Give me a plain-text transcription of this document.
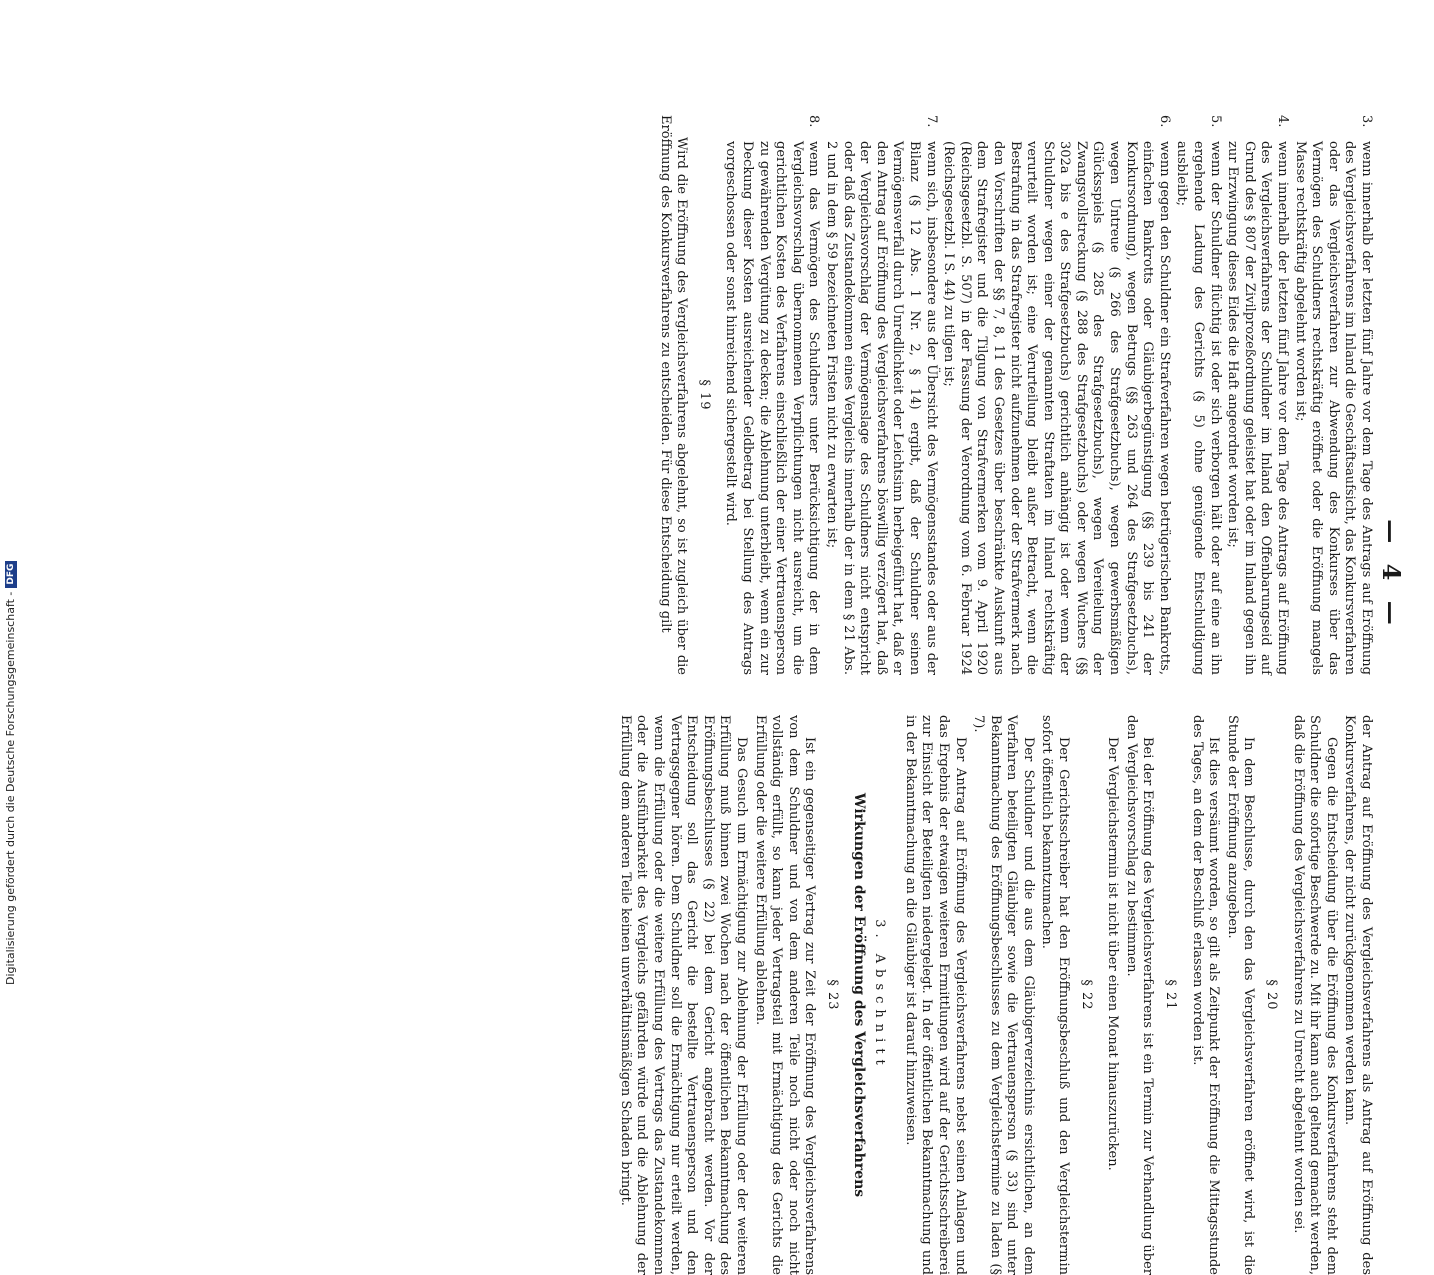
— 4 —
3.
wenn innerhalb der letzten fünf Jahre vor dem Tage des Antrags auf Eröffnung des Vergleichsverfahrens im Inland die Geschäftsaufsicht, das Konkursverfahren oder das Vergleichsverfahren zur Abwendung des Konkurses über das Vermögen des Schuldners rechtskräftig eröffnet oder die Eröffnung mangels Masse rechtskräftig abgelehnt worden ist;
4.
wenn innerhalb der letzten fünf Jahre vor dem Tage des Antrags auf Eröffnung des Vergleichsverfahrens der Schuldner im Inland den Offenbarungseid auf Grund des § 807 der Zivilprozeßordnung geleistet hat oder im Inland gegen ihn zur Erzwingung dieses Eides die Haft angeordnet worden ist;
5.
wenn der Schuldner flüchtig ist oder sich verborgen hält oder auf eine an ihn ergehende Ladung des Gerichts (§ 5) ohne genügende Entschuldigung ausbleibt;
6.
wenn gegen den Schuldner ein Strafverfahren wegen betrügerischen Bankrotts, einfachen Bankrotts oder Gläubigerbegünstigung (§§ 239 bis 241 der Konkursordnung), wegen Betrugs (§§ 263 und 264 des Strafgesetzbuchs), wegen Untreue (§ 266 des Strafgesetzbuchs), wegen gewerbsmäßigen Glücksspiels (§ 285 des Strafgesetzbuchs), wegen Vereitelung der Zwangsvollstreckung (§ 288 des Strafgesetzbuchs) oder wegen Wuchers (§§ 302a bis e des Strafgesetzbuchs) gerichtlich anhängig ist oder wenn der Schuldner wegen einer der genannten Straftaten im Inland rechtskräftig verurteilt worden ist; eine Verurteilung bleibt außer Betracht, wenn die Bestrafung in das Strafregister nicht aufzunehmen oder der Strafvermerk nach den Vorschriften der §§ 7, 8, 11 des Gesetzes über beschränkte Auskunft aus dem Strafregister und die Tilgung von Strafvermerken vom 9. April 1920 (Reichsgesetzbl. S. 507) in der Fassung der Verordnung vom 6. Februar 1924 (Reichsgesetzbl. I S. 44) zu tilgen ist;
7.
wenn sich, insbesondere aus der Übersicht des Vermögensstandes oder aus der Bilanz (§ 12 Abs. 1 Nr. 2, § 14) ergibt, daß der Schuldner seinen Vermögensverfall durch Unredlichkeit oder Leichtsinn herbeigeführt hat, daß er den Antrag auf Eröffnung des Vergleichsverfahrens böswillig verzögert hat, daß der Vergleichsvorschlag der Vermögenslage des Schuldners nicht entspricht oder daß das Zustandekommen eines Vergleichs innerhalb der in dem § 21 Abs. 2 und in dem § 59 bezeichneten Fristen nicht zu erwarten ist;
8.
wenn das Vermögen des Schuldners unter Berücksichtigung der in dem Vergleichsvorschlag übernommenen Verpflichtungen nicht ausreicht, um die gerichtlichen Kosten des Verfahrens einschließlich der einer Vertrauensperson zu gewährenden Vergütung zu decken; die Ablehnung unterbleibt, wenn ein zur Deckung dieser Kosten ausreichender Geldbetrag bei Stellung des Antrags vorgeschossen oder sonst hinreichend sichergestellt wird.
§ 19

Wird die Eröffnung des Vergleichsverfahrens abgelehnt, so ist zugleich über die Eröffnung des Konkursverfahrens zu entscheiden. Für diese Entscheidung gilt

der Antrag auf Eröffnung des Vergleichsverfahrens als Antrag auf Eröffnung des Konkursverfahrens, der nicht zurückgenommen werden kann.

Gegen die Entscheidung über die Eröffnung des Konkursverfahrens steht dem Schuldner die sofortige Beschwerde zu. Mit ihr kann auch geltend gemacht werden, daß die Eröffnung des Vergleichsverfahrens zu Unrecht abgelehnt worden sei.

§ 20

In dem Beschlusse, durch den das Vergleichsverfahren eröffnet wird, ist die Stunde der Eröffnung anzugeben.

Ist dies versäumt worden, so gilt als Zeitpunkt der Eröffnung die Mittagsstunde des Tages, an dem der Beschluß erlassen worden ist.

§ 21

Bei der Eröffnung des Vergleichsverfahrens ist ein Termin zur Verhandlung über den Vergleichsvorschlag zu bestimmen.

Der Vergleichstermin ist nicht über einen Monat hinauszurücken.

§ 22

Der Gerichtsschreiber hat den Eröffnungsbeschluß und den Vergleichstermin sofort öffentlich bekanntzumachen.

Der Schuldner und die aus dem Gläubigerverzeichnis ersichtlichen, an dem Verfahren beteiligten Gläubiger sowie die Vertrauensperson (§ 33) sind unter Bekanntmachung des Eröffnungsbeschlusses zu dem Vergleichstermine zu laden (§ 7).

Der Antrag auf Eröffnung des Vergleichsverfahrens nebst seinen Anlagen und das Ergebnis der etwaigen weiteren Ermittlungen wird auf der Gerichtsschreiberei zur Einsicht der Beteiligten niedergelegt. In der öffentlichen Bekanntmachung und in der Bekanntmachung an die Gläubiger ist darauf hinzuweisen.

3. Abschnitt
Wirkungen der Eröffnung des Vergleichsverfahrens
§ 23

Ist ein gegenseitiger Vertrag zur Zeit der Eröffnung des Vergleichsverfahrens von dem Schuldner und von dem anderen Teile noch nicht oder noch nicht vollständig erfüllt, so kann jeder Vertragsteil mit Ermächtigung des Gerichts die Erfüllung oder die weitere Erfüllung ablehnen.

Das Gesuch um Ermächtigung zur Ablehnung der Erfüllung oder der weiteren Erfüllung muß binnen zwei Wochen nach der öffentlichen Bekanntmachung des Eröffnungsbeschlusses (§ 22) bei dem Gericht angebracht werden. Vor der Entscheidung soll das Gericht die bestellte Vertrauensperson und den Vertragsgegner hören. Dem Schuldner soll die Ermächtigung nur erteilt werden, wenn die Erfüllung oder die weitere Erfüllung des Vertrags das Zustandekommen oder die Ausführbarkeit des Vergleichs gefährden würde und die Ablehnung der Erfüllung dem anderen Teile keinen unverhältnismäßigen Schaden bringt.

Digitalisierung gefördert durch die Deutsche Forschungsgemeinschaft -
DFG
